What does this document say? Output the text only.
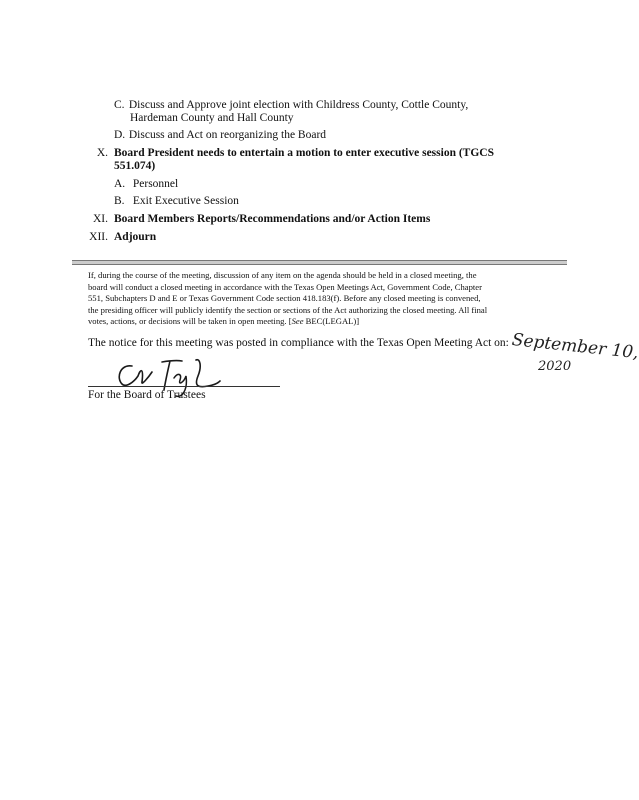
C. Discuss and Approve joint election with Childress County, Cottle County,
Hardeman County and Hall County
D. Discuss and Act on reorganizing the Board
X. Board President needs to entertain a motion to enter executive session (TGCS
551.074)
A. Personnel
B. Exit Executive Session
XI. Board Members Reports/Recommendations and/or Action Items
XII. Adjourn
If, during the course of the meeting, discussion of any item on the agenda should be held in a closed meeting, the
board will conduct a closed meeting in accordance with the Texas Open Meetings Act, Government Code, Chapter
551, Subchapters D and E or Texas Government Code section 418.183(f). Before any closed meeting is convened,
the presiding officer will publicly identify the section or sections of the Act authorizing the closed meeting. All final
votes, actions, or decisions will be taken in open meeting. [See BEC(LEGAL)]
The notice for this meeting was posted in compliance with the Texas Open Meeting Act on: September 10,
2020
For the Board of Trustees
